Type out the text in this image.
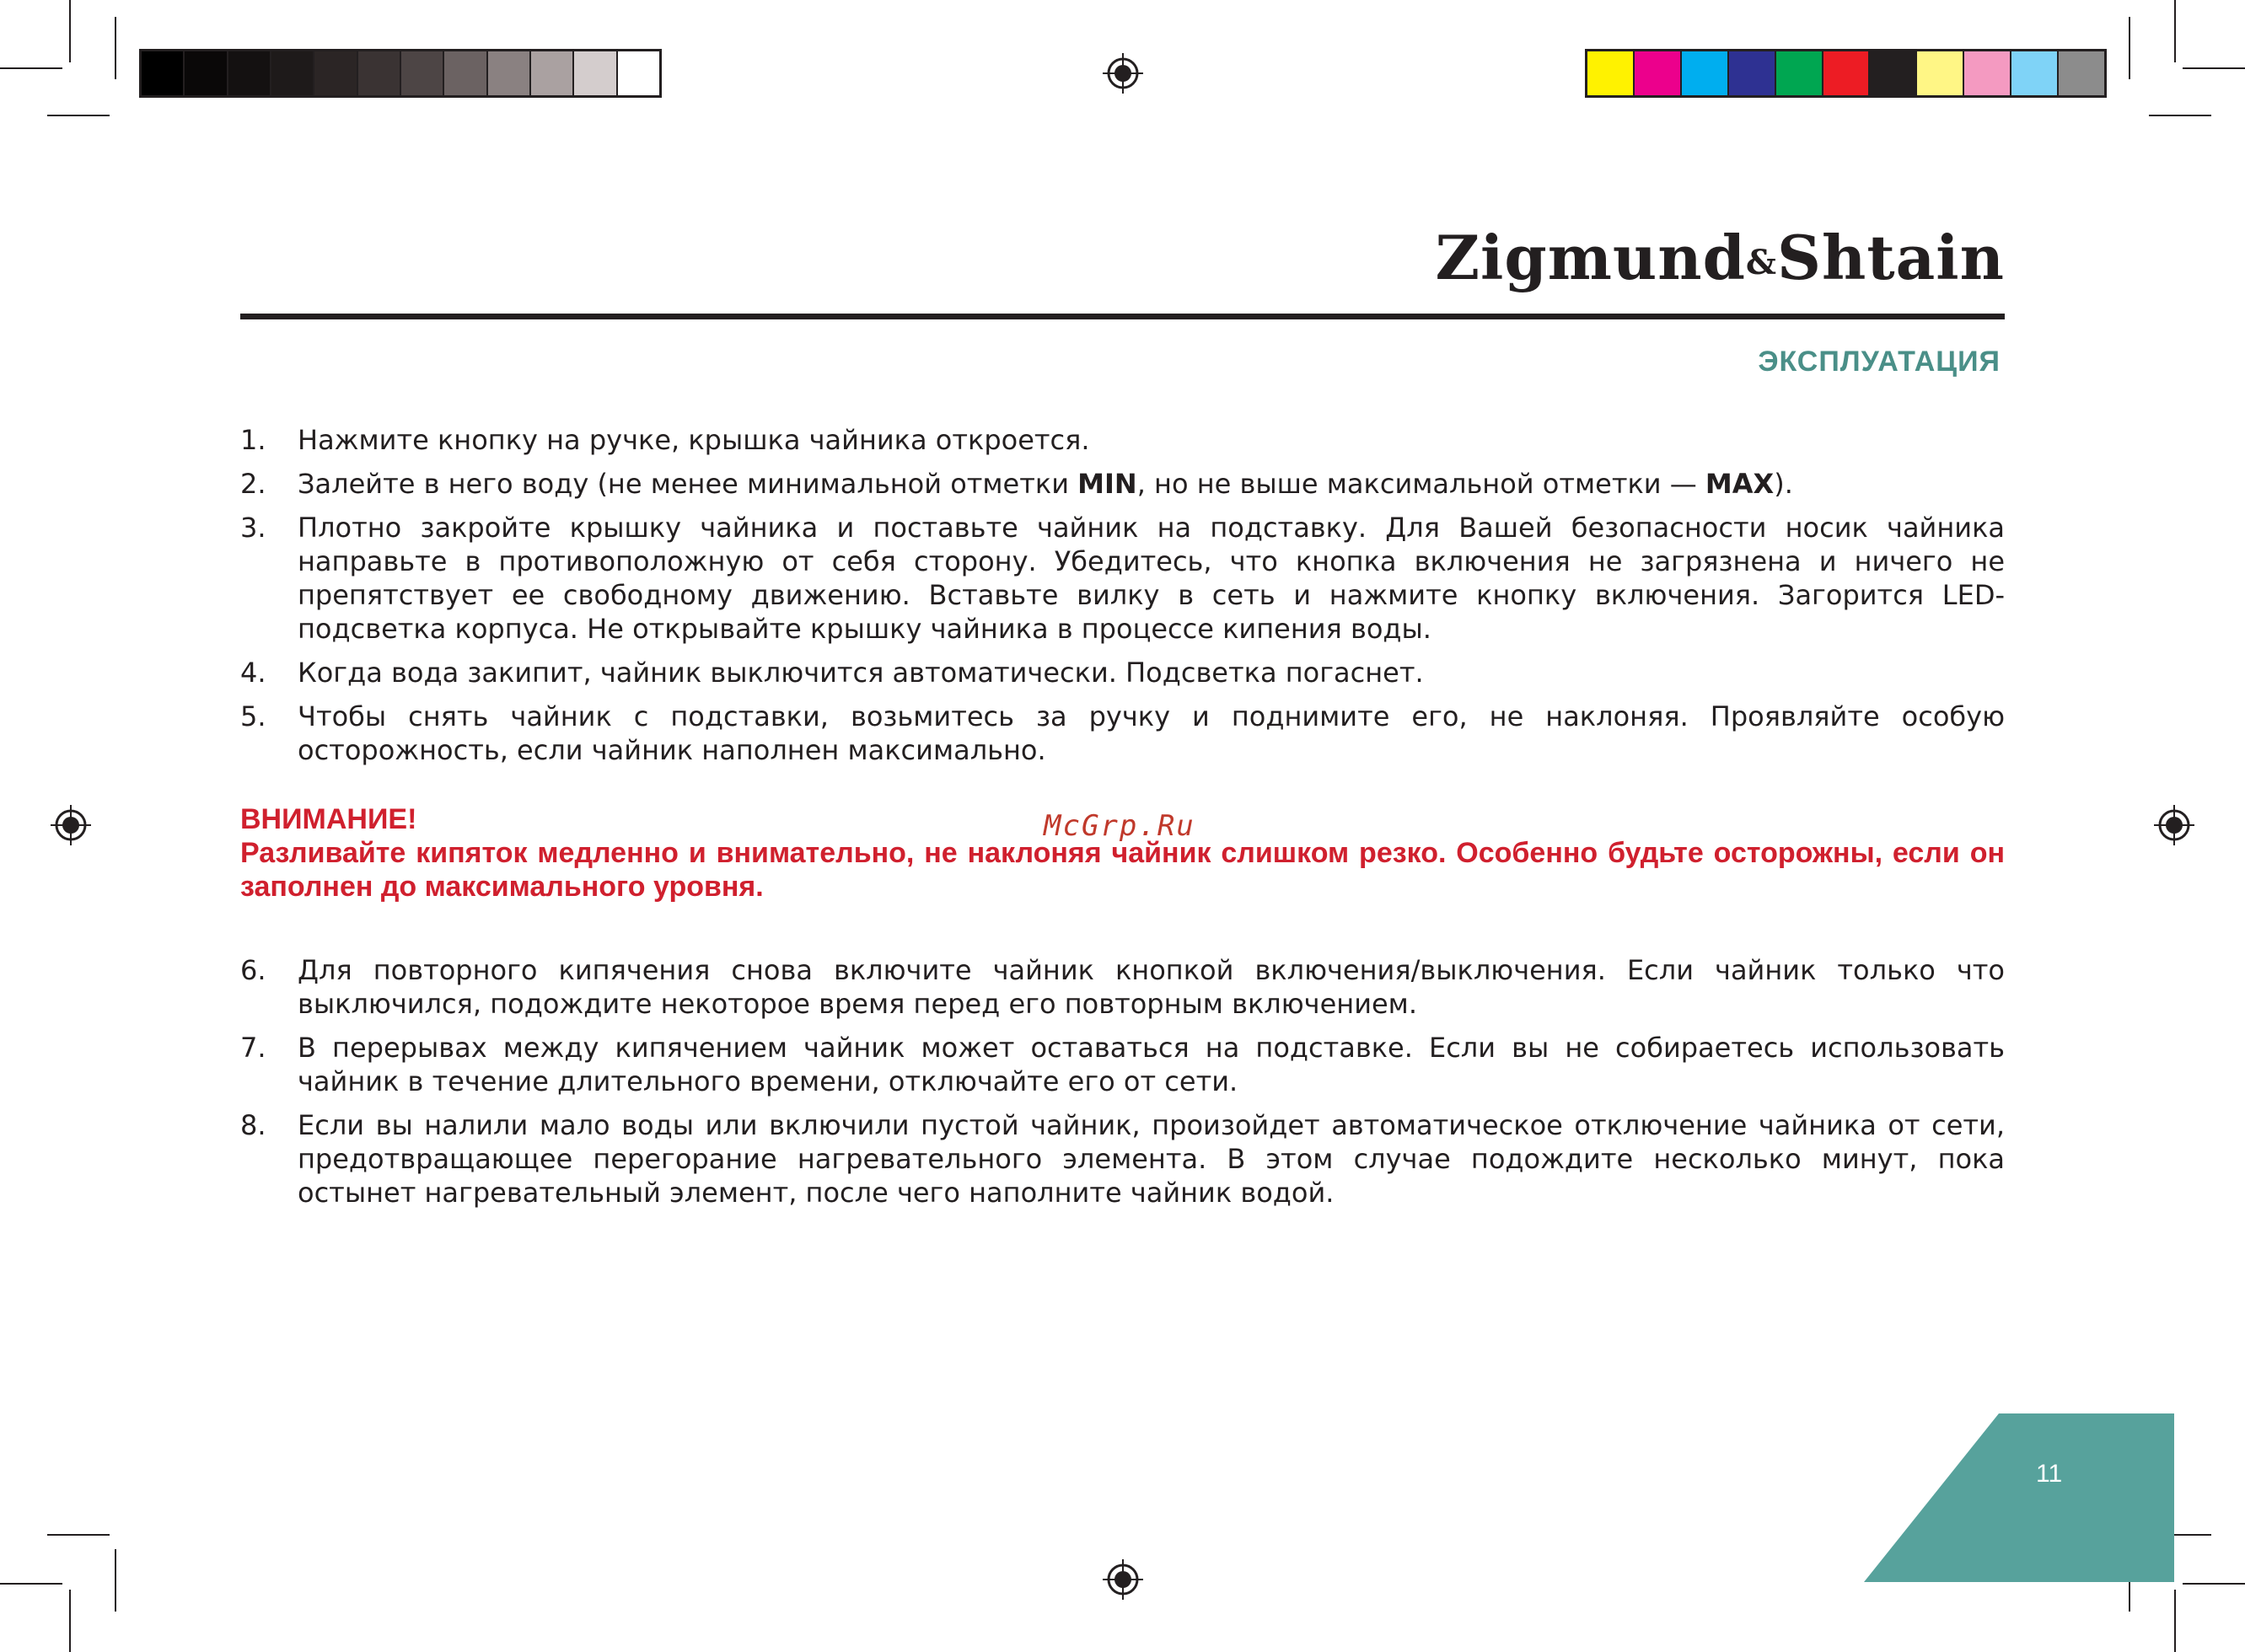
Zigmund&Shtain
ЭКСПЛУАТАЦИЯ
1. Нажмите кнопку на ручке, крышка чайника откроется.
2. Залейте в него воду (не менее минимальной отметки MIN, но не выше максимальной отметки — MAX).
3. Плотно закройте крышку чайника и поставьте чайник на подставку. Для Вашей безопасности носик чайника направьте в противоположную от себя сторону. Убедитесь, что кнопка включения не загрязнена и ничего не препятствует ее свободному движению. Вставьте вилку в сеть и нажмите кнопку включения. Загорится LED-подсветка корпуса. Не открывайте крышку чайника в процессе кипения воды.
4. Когда вода закипит, чайник выключится автоматически. Подсветка погаснет.
5. Чтобы снять чайник с подставки, возьмитесь за ручку и поднимите его, не наклоняя. Проявляйте особую осторожность, если чайник наполнен максимально.
ВНИМАНИЕ!
Разливайте кипяток медленно и внимательно, не наклоняя чайник слишком резко. Особенно будьте осторожны, если он заполнен до максимального уровня.
McGrp.Ru
6. Для повторного кипячения снова включите чайник кнопкой включения/выключения. Если чайник только что выключился, подождите некоторое время перед его повторным включением.
7. В перерывах между кипячением чайник может оставаться на подставке. Если вы не собираетесь использовать чайник в течение длительного времени, отключайте его от сети.
8. Если вы налили мало воды или включили пустой чайник, произойдет автоматическое отключение чайника от сети, предотвращающее перегорание нагревательного элемента. В этом случае подождите несколько минут, пока остынет нагревательный элемент, после чего наполните чайник водой.
11
